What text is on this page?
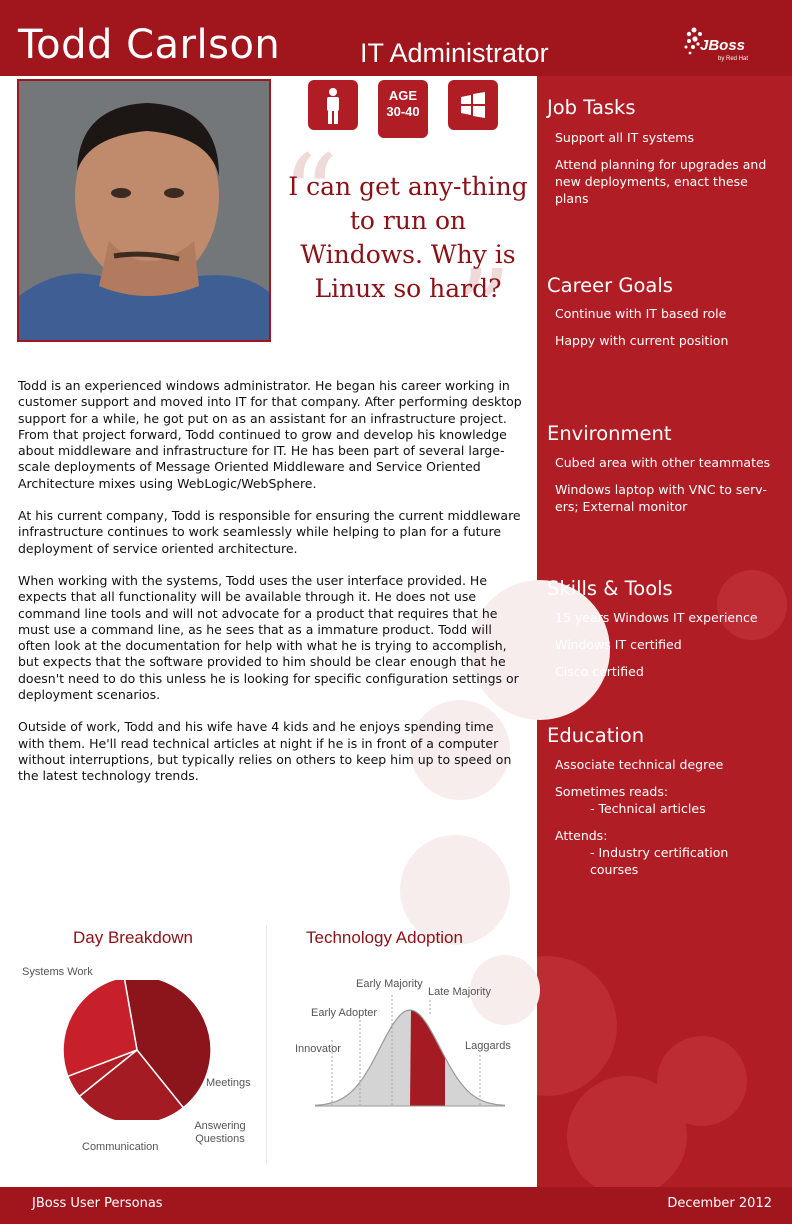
Todd Carlson	IT Administrator	JBoss
by Red Hat
AGE
30-40
“
”
I can get any-thing to run on Windows. Why is Linux so hard?

Todd is an experienced windows administrator. He began his career working in customer support and moved into IT for that company. After performing desktop support for a while, he got put on as an assistant for an infrastructure project. From that project forward, Todd continued to grow and develop his knowledge about middleware and infrastructure for IT. He has been part of several large-scale deployments of Message Oriented Middleware and Service Oriented Architecture mixes using WebLogic/WebSphere.

At his current company, Todd is responsible for ensuring the current middleware infrastructure continues to work seamlessly while helping to plan for a future deployment of service oriented architecture.

When working with the systems, Todd uses the user interface provided. He expects that all functionality will be available through it. He does not use command line tools and will not advocate for a product that requires that he must use a command line, as he sees that as a immature product. Todd will often look at the documentation for help with what he is trying to accomplish, but expects that the software provided to him should be clear enough that he doesn't need to do this unless he is looking for specific configuration settings or deployment scenarios.

Outside of work, Todd and his wife have 4 kids and he enjoys spending time with them. He'll read technical articles at night if he is in front of a computer without interruptions, but typically relies on others to keep him up to speed on the latest technology trends.

Job Tasks
Support all IT systems
Attend planning for upgrades and new deployments, enact these plans
Career Goals
Continue with IT based role
Happy with current position
Environment
Cubed area with other teammates
Windows laptop with VNC to serv-ers; External monitor
Skills & Tools
15 years Windows IT experience
Windows IT certified
Cisco certified
Education
Associate technical degree
Sometimes reads:
- Technical articles
Attends:
- Industry certification courses
Day Breakdown
Systems Work
Meetings
Answering Questions
Communication
Technology Adoption
Innovator
Early Adopter
Early Majority
Late Majority
Laggards
JBoss User Personas	December 2012
